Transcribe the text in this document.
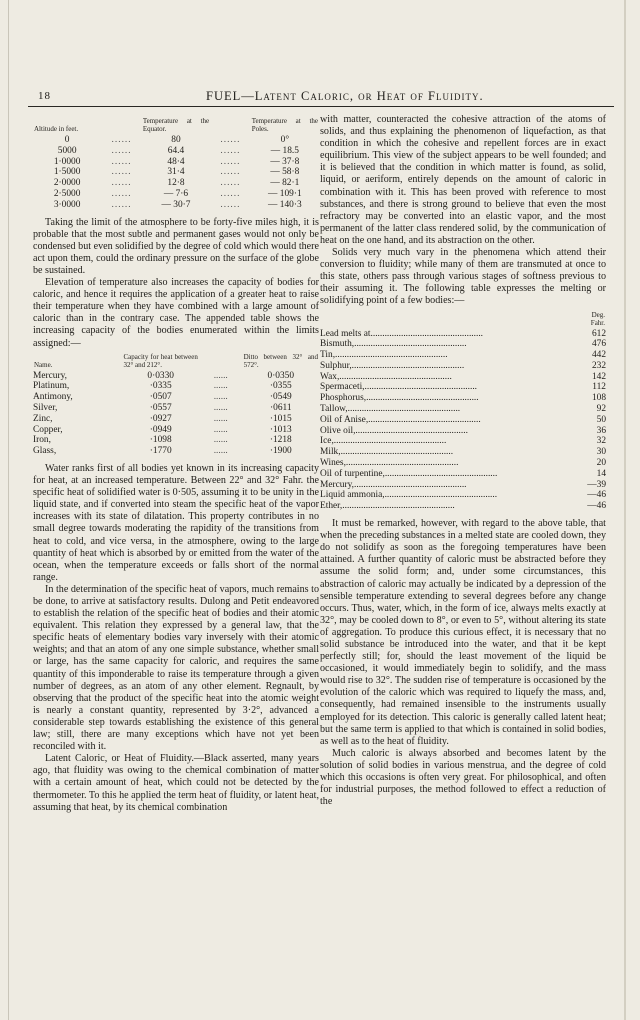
18	FUEL—Latent Caloric, or Heat of Fluidity.
Altitude in feet.		Temperature at the Equator.		Temperature at the Poles.
0	......	80	......	0°
5000	......	64.4	......	— 18.5
1·0000	......	48·4	......	— 37·8
1·5000	......	31·4	......	— 58·8
2·0000	......	12·8	......	— 82·1
2·5000	......	— 7·6	......	— 109·1
3·0000	......	— 30·7	......	— 140·3

Taking the limit of the atmosphere to be forty-five miles high, it is probable that the most subtle and permanent gases would not only be condensed but even solidified by the degree of cold which would there act upon them, could the ordinary pressure on the surface of the globe be sustained.

Elevation of temperature also increases the capacity of bodies for caloric, and hence it requires the application of a greater heat to raise their temperature when they have combined with a large amount of caloric than in the contrary case. The appended table shows the increasing capacity of the bodies enumerated within the limits assigned:—

Name.	Capacity for heat between 32° and 212°.		Ditto between 32° and 572°.
Mercury,	0·0330	......	0·0350
Platinum,	·0335	......	·0355
Antimony,	·0507	......	·0549
Silver,	·0557	......	·0611
Zinc,	·0927	......	·1015
Copper,	·0949	......	·1013
Iron,	·1098	......	·1218
Glass,	·1770	......	·1900

Water ranks first of all bodies yet known in its increasing capacity for heat, at an increased temperature. Between 22° and 32° Fahr. the specific heat of solidified water is 0·505, assuming it to be unity in the liquid state, and if converted into steam the specific heat of the vapor increases with its state of dilatation. This property contributes in no small degree towards moderating the rapidity of the transitions from heat to cold, and vice versa, in the atmosphere, owing to the large quantity of heat which is absorbed by or emitted from the water of the ocean, when the temperature exceeds or falls short of the normal range.

In the determination of the specific heat of vapors, much remains to be done, to arrive at satisfactory results. Dulong and Petit endeavored to establish the relation of the specific heat of bodies and their atomic equivalent. This relation they expressed by a general law, that the specific heats of elementary bodies vary inversely with their atomic weights; and that an atom of any one simple substance, whether small or large, has the same capacity for caloric, and requires the same quantity of this imponderable to raise its temperature through a given number of degrees, as an atom of any other element. Regnault, by observing that the product of the specific heat into the atomic weight is nearly a constant quantity, represented by 3·2°, advanced a considerable step towards establishing the existence of this general law; still, there are many exceptions which have not yet been reconciled with it.

Latent Caloric, or Heat of Fluidity.—Black asserted, many years ago, that fluidity was owing to the chemical combination of matter with a certain amount of heat, which could not be detected by the thermometer. To this he applied the term heat of fluidity, or latent heat, assuming that heat, by its chemical combination

with matter, counteracted the cohesive attraction of the atoms of solids, and thus explaining the phenomenon of liquefaction, as that condition in which the cohesive and repellent forces are in exact equilibrium. This view of the subject appears to be well founded; and it is believed that the condition in which matter is found, as solid, liquid, or aeriform, entirely depends on the amount of caloric in combination with it. This has been proved with reference to most substances, and there is strong ground to believe that even the most refractory may be converted into an elastic vapor, and the most permanent of the latter class rendered solid, by the communication of heat on the one hand, and its abstraction on the other.

Solids very much vary in the phenomena which attend their conversion to fluidity; while many of them are transmuted at once to this state, others pass through various stages of softness previous to their assuming it. The following table expresses the melting or solidifying point of a few bodies:—

	Deg. Fahr.
Lead melts at................................................	612
Bismuth,................................................	476
Tin,................................................	442
Sulphur,................................................	232
Wax,................................................	142
Spermaceti,................................................	112
Phosphorus,................................................	108
Tallow,................................................	92
Oil of Anise,................................................	50
Olive oil,................................................	36
Ice,................................................	32
Milk,................................................	30
Wines,................................................	20
Oil of turpentine,................................................	14
Mercury,................................................	—39
Liquid ammonia,................................................	—46
Ether,................................................	—46

It must be remarked, however, with regard to the above table, that when the preceding substances in a melted state are cooled down, they do not solidify as soon as the foregoing temperatures have been attained. A further quantity of caloric must be abstracted before they assume the solid form; and, under some circumstances, this abstraction of caloric may actually be indicated by a depression of the sensible temperature extending to several degrees before any change occurs. Thus, water, which, in the form of ice, always melts exactly at 32°, may be cooled down to 8°, or even to 5°, without altering its state of aggregation. To produce this curious effect, it is necessary that no solid substance be introduced into the water, and that it be kept perfectly still; for, should the least movement of the liquid be occasioned, it would immediately begin to solidify, and the mass would rise to 32°. The sudden rise of temperature is occasioned by the evolution of the caloric which was required to liquefy the mass, and, consequently, had remained insensible to the instruments usually employed for its detection. This caloric is generally called latent heat; but the same term is applied to that which is contained in solid bodies, as well as to the heat of fluidity.

Much caloric is always absorbed and becomes latent by the solution of solid bodies in various menstrua, and the degree of cold which this occasions is often very great. For philosophical, and often for industrial purposes, the method followed to effect a reduction of the
